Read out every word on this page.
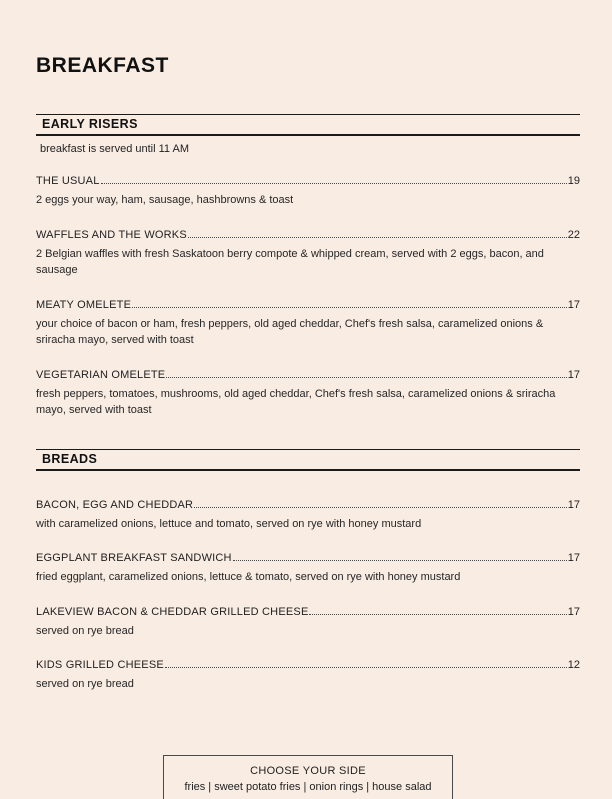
BREAKFAST
EARLY RISERS

breakfast is served until 11 AM

THE USUAL	19

2 eggs your way, ham, sausage, hashbrowns & toast

WAFFLES AND THE WORKS	22

2 Belgian waffles with fresh Saskatoon berry compote & whipped cream, served with 2 eggs, bacon, and sausage

MEATY OMELETE	17

your choice of bacon or ham, fresh peppers, old aged cheddar, Chef's fresh salsa, caramelized onions & sriracha mayo, served with toast

VEGETARIAN OMELETE	17

fresh peppers, tomatoes, mushrooms, old aged cheddar, Chef's fresh salsa, caramelized onions & sriracha mayo, served with toast

BREADS
BACON, EGG AND CHEDDAR	17

with caramelized onions, lettuce and tomato, served on rye with honey mustard

EGGPLANT BREAKFAST SANDWICH	17

fried eggplant, caramelized onions, lettuce & tomato, served on rye with honey mustard

LAKEVIEW BACON & CHEDDAR GRILLED CHEESE	17

served on rye bread

KIDS GRILLED CHEESE	12

served on rye bread

CHOOSE YOUR SIDE

fries | sweet potato fries | onion rings | house salad
